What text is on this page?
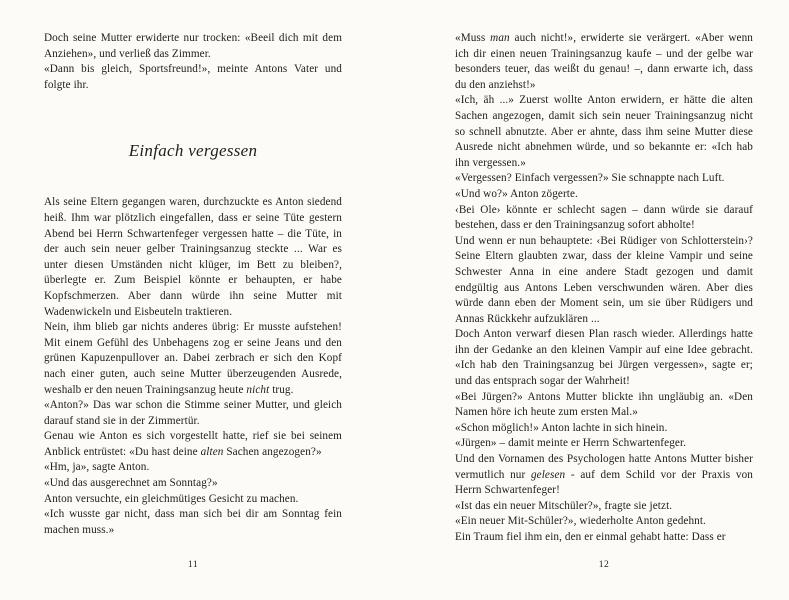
Doch seine Mutter erwiderte nur trocken: «Beeil dich mit dem Anziehen», und verließ das Zimmer.

«Dann bis gleich, Sportsfreund!», meinte Antons Vater und folgte ihr.

Einfach vergessen

Als seine Eltern gegangen waren, durchzuckte es Anton siedend heiß. Ihm war plötzlich eingefallen, dass er seine Tüte gestern Abend bei Herrn Schwartenfeger vergessen hatte – die Tüte, in der auch sein neuer gelber Trainingsanzug steckte ... War es unter diesen Umständen nicht klüger, im Bett zu bleiben?, überlegte er. Zum Beispiel könnte er behaupten, er habe Kopfschmerzen. Aber dann würde ihn seine Mutter mit Wadenwickeln und Eisbeuteln traktieren.

Nein, ihm blieb gar nichts anderes übrig: Er musste aufstehen! Mit einem Gefühl des Unbehagens zog er seine Jeans und den grünen Kapuzenpullover an. Dabei zerbrach er sich den Kopf nach einer guten, auch seine Mutter überzeugenden Ausrede, weshalb er den neuen Trainingsanzug heute nicht trug.

«Anton?» Das war schon die Stimme seiner Mutter, und gleich darauf stand sie in der Zimmertür.

Genau wie Anton es sich vorgestellt hatte, rief sie bei seinem Anblick entrüstet: «Du hast deine alten Sachen angezogen?»

«Hm, ja», sagte Anton.

«Und das ausgerechnet am Sonntag?»

Anton versuchte, ein gleichmütiges Gesicht zu machen.

«Ich wusste gar nicht, dass man sich bei dir am Sonntag fein machen muss.»

11

«Muss man auch nicht!», erwiderte sie verärgert. «Aber wenn ich dir einen neuen Trainingsanzug kaufe – und der gelbe war besonders teuer, das weißt du genau! –, dann erwarte ich, dass du den anziehst!»

«Ich, äh ...» Zuerst wollte Anton erwidern, er hätte die alten Sachen angezogen, damit sich sein neuer Trainingsanzug nicht so schnell abnutzte. Aber er ahnte, dass ihm seine Mutter diese Ausrede nicht abnehmen würde, und so bekannte er: «Ich hab ihn vergessen.»

«Vergessen? Einfach vergessen?» Sie schnappte nach Luft.

«Und wo?» Anton zögerte.

‹Bei Ole› könnte er schlecht sagen – dann würde sie darauf bestehen, dass er den Trainingsanzug sofort abholte!

Und wenn er nun behauptete: ‹Bei Rüdiger von Schlotterstein›? Seine Eltern glaubten zwar, dass der kleine Vampir und seine Schwester Anna in eine andere Stadt gezogen und damit endgültig aus Antons Leben verschwunden wären. Aber dies würde dann eben der Moment sein, um sie über Rüdigers und Annas Rückkehr aufzuklären ...

Doch Anton verwarf diesen Plan rasch wieder. Allerdings hatte ihn der Gedanke an den kleinen Vampir auf eine Idee gebracht. «Ich hab den Trainingsanzug bei Jürgen vergessen», sagte er; und das entsprach sogar der Wahrheit!

«Bei Jürgen?» Antons Mutter blickte ihn ungläubig an. «Den Namen höre ich heute zum ersten Mal.»

«Schon möglich!» Anton lachte in sich hinein.

«Jürgen» – damit meinte er Herrn Schwartenfeger.

Und den Vornamen des Psychologen hatte Antons Mutter bisher vermutlich nur gelesen - auf dem Schild vor der Praxis von Herrn Schwartenfeger!

«Ist das ein neuer Mitschüler?», fragte sie jetzt.

«Ein neuer Mit-Schüler?», wiederholte Anton gedehnt.

Ein Traum fiel ihm ein, den er einmal gehabt hatte: Dass er

12
